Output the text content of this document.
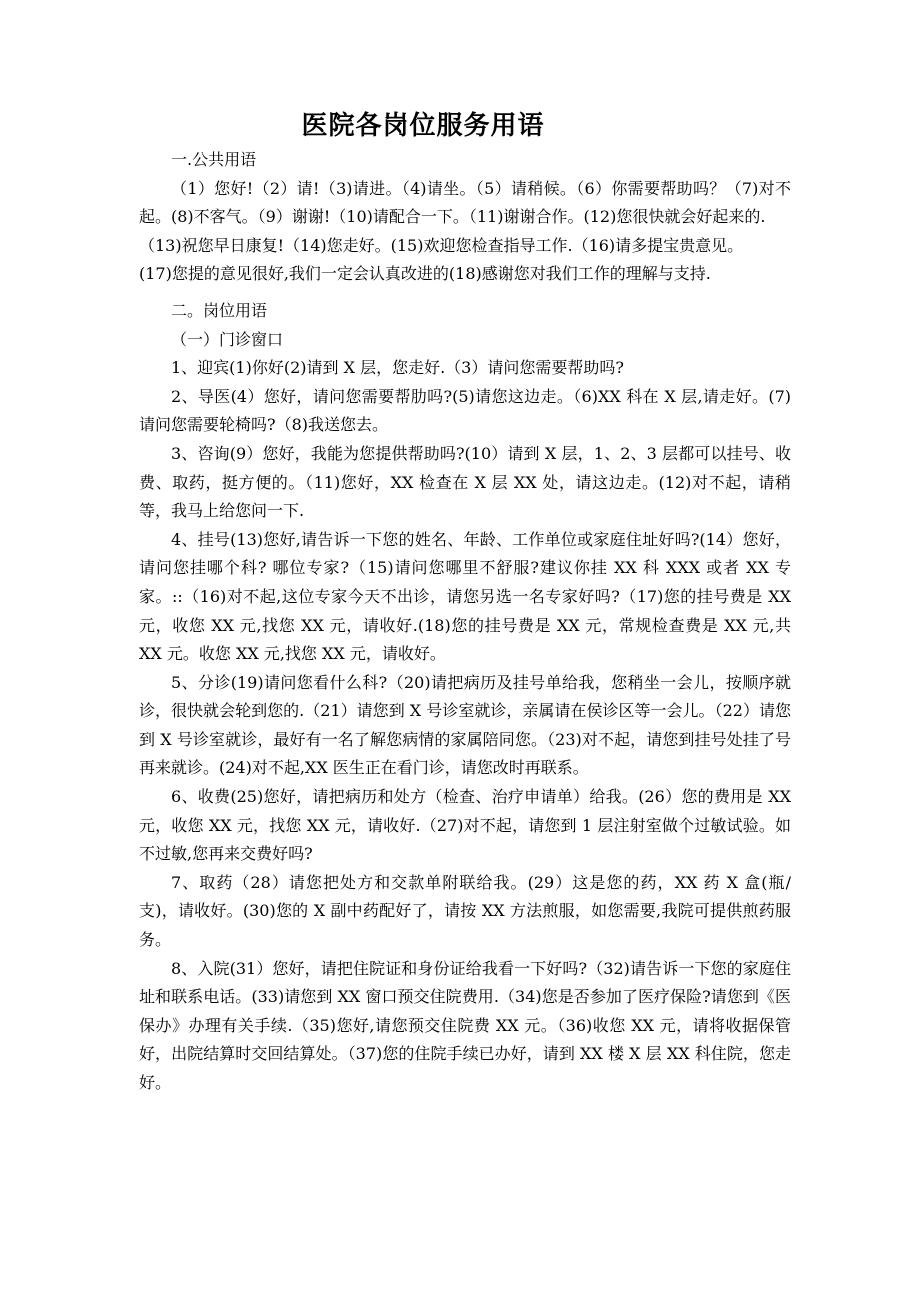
医院各岗位服务用语

一.公共用语

（1）您好!（2）请!（3)请进。（4)请坐。（5）请稍候。（6）你需要帮助吗？（7)对不起。(8)不客气。（9）谢谢!（10)请配合一下。（11)谢谢合作。(12)您很快就会好起来的.

（13)祝您早日康复!（14)您走好。(15)欢迎您检查指导工作.（16)请多提宝贵意见。

(17)您提的意见很好,我们一定会认真改进的(18)感谢您对我们工作的理解与支持.

二。岗位用语

（一）门诊窗口

1、迎宾(1)你好(2)请到 X 层，您走好.（3）请问您需要帮助吗?

2、导医(4）您好，请问您需要帮肋吗?(5)请您这边走。（6)XX 科在 X 层,请走好。(7)请问您需要轮椅吗?（8)我送您去。

3、咨询(9）您好，我能为您提供帮助吗?(10）请到 X 层，1、2、3 层都可以挂号、收费、取药，挺方便的。（11)您好，XX 检查在 X 层 XX 处，请这边走。(12)对不起，请稍等，我马上给您问一下.

4、挂号(13)您好,请告诉一下您的姓名、年龄、工作单位或家庭住址好吗?(14）您好，请问您挂哪个科? 哪位专家?（15)请问您哪里不舒服?建议你挂 XX 科 XXX 或者 XX 专家。::（16)对不起,这位专家今天不出诊，请您另选一名专家好吗?（17)您的挂号费是 XX 元，收您 XX 元,找您 XX 元，请收好.(18)您的挂号费是 XX 元，常规检查费是 XX 元,共 XX 元。收您 XX 元,找您 XX 元，请收好。

5、分诊(19)请问您看什么科?（20)请把病历及挂号单给我，您稍坐一会儿，按顺序就诊，很快就会轮到您的.（21）请您到 X 号诊室就诊，亲属请在侯诊区等一会儿。（22）请您到 X 号诊室就诊，最好有一名了解您病情的家属陪同您。（23)对不起，请您到挂号处挂了号再来就诊。(24)对不起,XX 医生正在看门诊，请您改时再联系。

6、收费(25)您好，请把病历和处方（检查、治疗申请单）给我。(26）您的费用是 XX 元，收您 XX 元，找您 XX 元，请收好.（27)对不起，请您到 1 层注射室做个过敏试验。如不过敏,您再来交费好吗?

7、取药（28）请您把处方和交款单附联给我。(29）这是您的药，XX 药 X 盒(瓶/支)，请收好。(30)您的 X 副中药配好了，请按 XX 方法煎服，如您需要,我院可提供煎药服务。

8、入院(31）您好，请把住院证和身份证给我看一下好吗?（32)请告诉一下您的家庭住址和联系电话。(33)请您到 XX 窗口预交住院费用.（34)您是否参加了医疗保险?请您到《医保办》办理有关手续.（35)您好,请您预交住院费 XX 元。（36)收您 XX 元，请将收据保管好，出院结算时交回结算处。（37)您的住院手续已办好，请到 XX 楼 X 层 XX 科住院，您走好。
